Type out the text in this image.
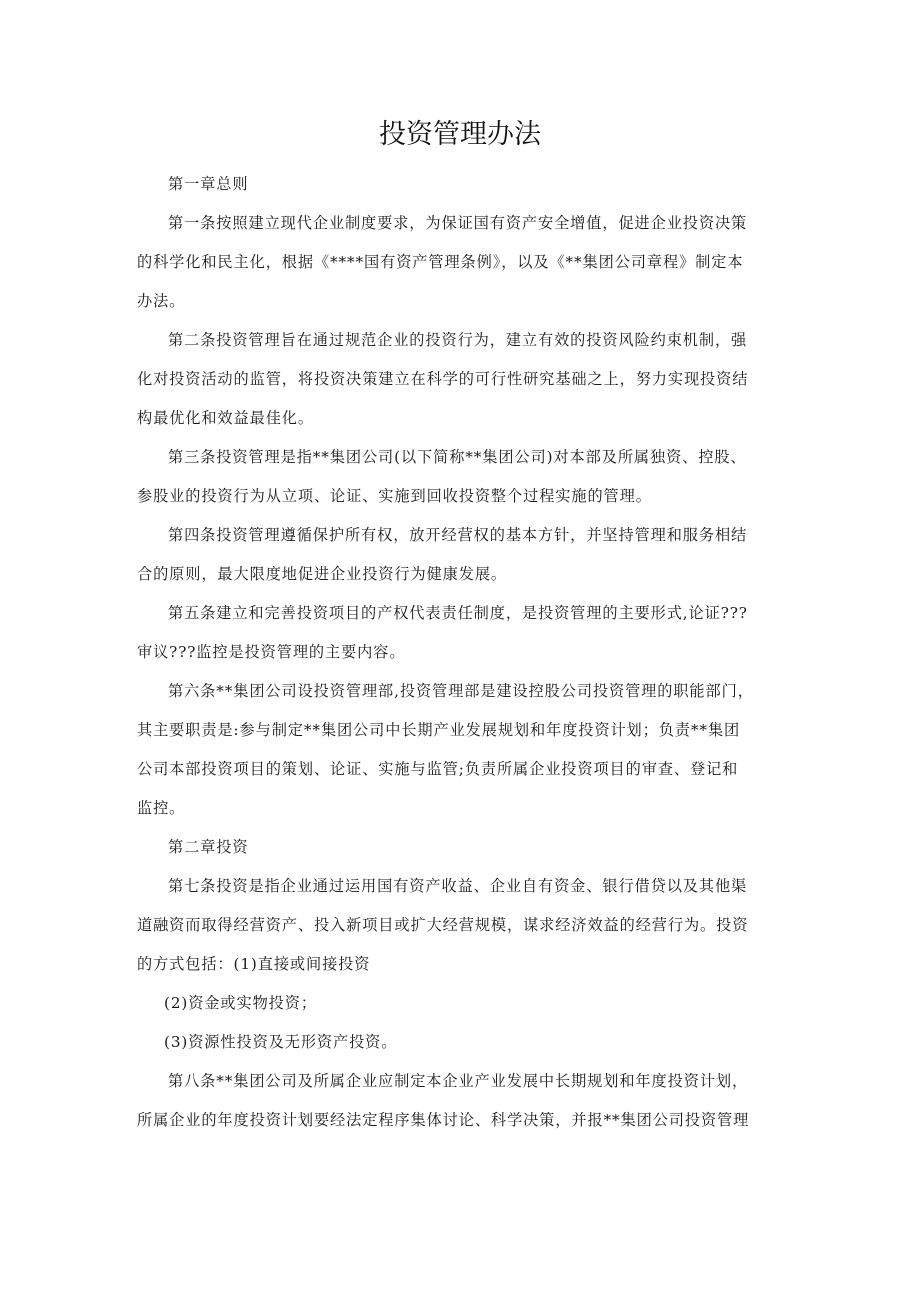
投资管理办法
第一章总则
第一条按照建立现代企业制度要求，为保证国有资产安全增值，促进企业投资决策
的科学化和民主化，根据《****国有资产管理条例》，以及《**集团公司章程》制定本
办法。
第二条投资管理旨在通过规范企业的投资行为，建立有效的投资风险约束机制，强
化对投资活动的监管，将投资决策建立在科学的可行性研究基础之上，努力实现投资结
构最优化和效益最佳化。
第三条投资管理是指**集团公司(以下简称**集团公司)对本部及所属独资、控股、
参股业的投资行为从立项、论证、实施到回收投资整个过程实施的管理。
第四条投资管理遵循保护所有权，放开经营权的基本方针，并坚持管理和服务相结
合的原则，最大限度地促进企业投资行为健康发展。
第五条建立和完善投资项目的产权代表责任制度，是投资管理的主要形式,论证???
审议???监控是投资管理的主要内容。
第六条**集团公司设投资管理部,投资管理部是建设控股公司投资管理的职能部门，
其主要职责是:参与制定**集团公司中长期产业发展规划和年度投资计划；负责**集团
公司本部投资项目的策划、论证、实施与监管;负责所属企业投资项目的审查、登记和
监控。
第二章投资
第七条投资是指企业通过运用国有资产收益、企业自有资金、银行借贷以及其他渠
道融资而取得经营资产、投入新项目或扩大经营规模，谋求经济效益的经营行为。投资
的方式包括：(1)直接或间接投资
(2)资金或实物投资；
(3)资源性投资及无形资产投资。
第八条**集团公司及所属企业应制定本企业产业发展中长期规划和年度投资计划，
所属企业的年度投资计划要经法定程序集体讨论、科学决策，并报**集团公司投资管理
